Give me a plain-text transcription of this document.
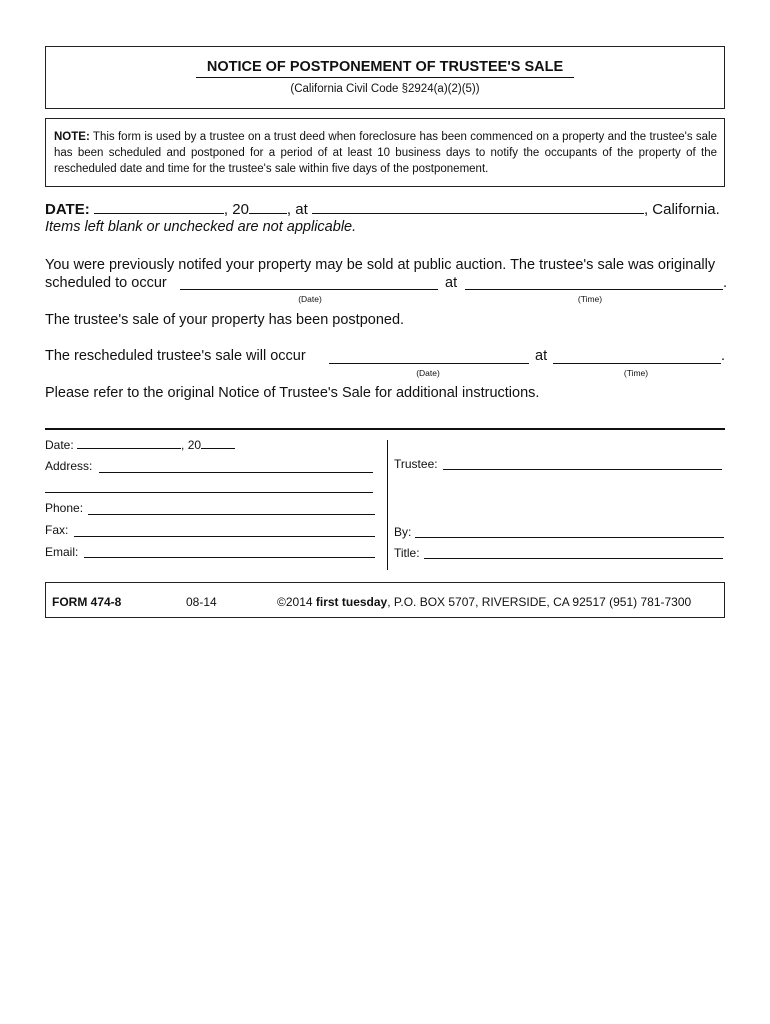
NOTICE OF POSTPONEMENT OF TRUSTEE'S SALE
(California Civil Code §2924(a)(2)(5))
NOTE: This form is used by a trustee on a trust deed when foreclosure has been commenced on a property and the trustee's sale has been scheduled and postponed for a period of at least 10 business days to notify the occupants of the property of the rescheduled date and time for the trustee's sale within five days of the postponement.
DATE:	, 20	, at	, California.
Items left blank or unchecked are not applicable.
You were previously notifed your property may be sold at public auction. The trustee's sale was originally
scheduled to occur	at	.
(Date)	(Time)
The trustee's sale of your property has been postponed.
The rescheduled trustee's sale will occur	at	.
(Date)	(Time)
Please refer to the original Notice of Trustee's Sale for additional instructions.
Date:	, 20
Address:
Phone:
Fax:
Email:
Trustee:
By:
Title:
FORM 474-8	08-14	©2014 first tuesday, P.O. BOX 5707, RIVERSIDE, CA 92517 (951) 781-7300
